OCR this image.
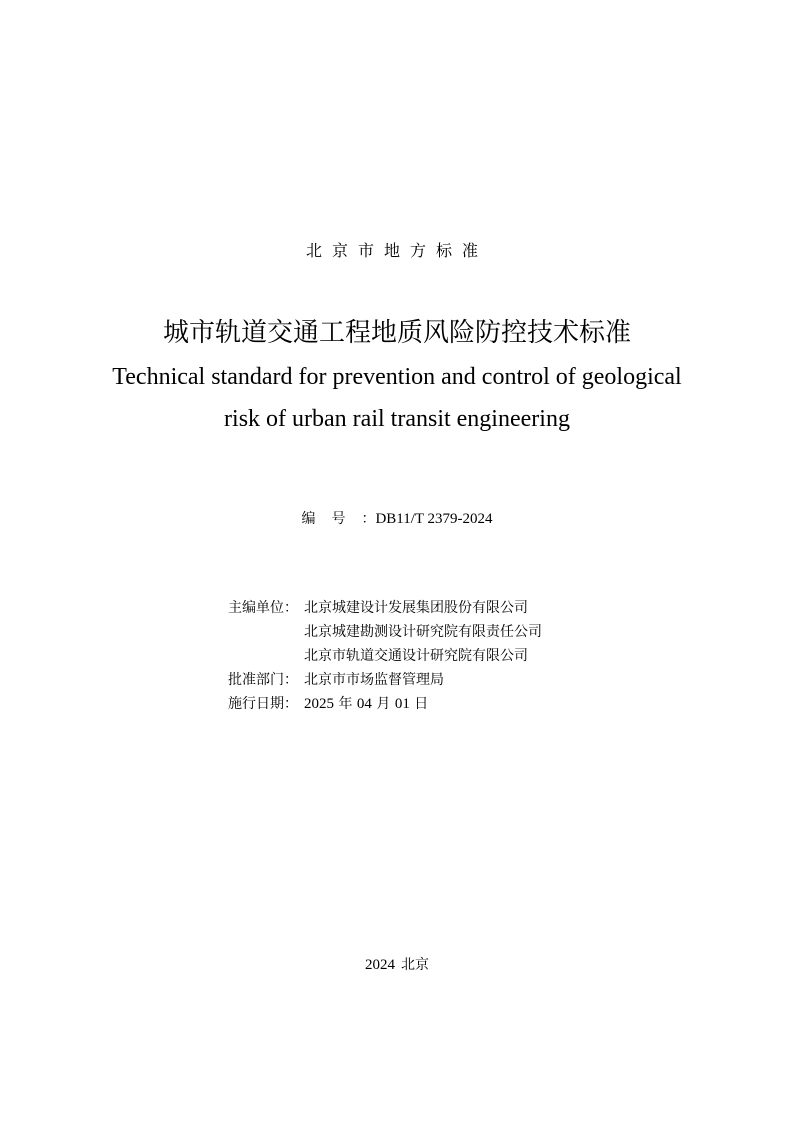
北京市地方标准
城市轨道交通工程地质风险防控技术标准
Technical standard for prevention and control of geological
risk of urban rail transit engineering
编号：DB11/T 2379-2024
主编单位： 北京城建设计发展集团股份有限公司
北京城建勘测设计研究院有限责任公司
北京市轨道交通设计研究院有限公司
批准部门： 北京市市场监督管理局
施行日期： 2025 年 04 月 01 日
2024 北京
